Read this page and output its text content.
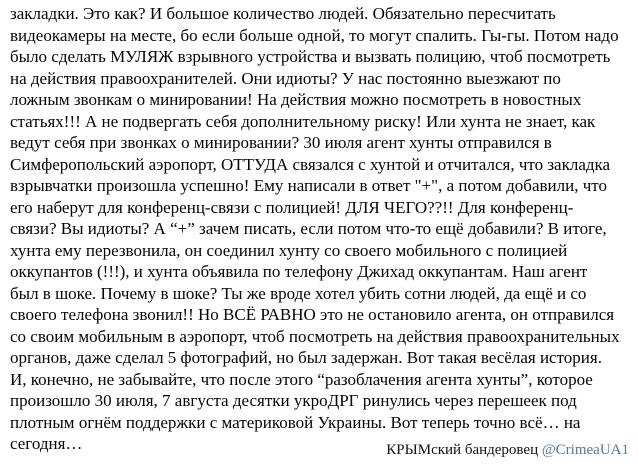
закладки. Это как? И большое количество людей. Обязательно пересчитать
видеокамеры на месте, бо если больше одной, то могут спалить. Гы-гы. Потом надо
было сделать МУЛЯЖ взрывного устройства и вызвать полицию, чтоб посмотреть
на действия правоохранителей. Они идиоты? У нас постоянно выезжают по
ложным звонкам о минировании! На действия можно посмотреть в новостных
статьях!!! А не подвергать себя дополнительному риску! Или хунта не знает, как
ведут себя при звонках о минировании? 30 июля агент хунты отправился в
Симферопольский аэропорт, ОТТУДА связался с хунтой и отчитался, что закладка
взрывчатки произошла успешно! Ему написали в ответ "+", а потом добавили, что
его наберут для конференц-связи с полицией! ДЛЯ ЧЕГО??!! Для конференц-
связи? Вы идиоты? А “+” зачем писать, если потом что-то ещё добавили? В итоге,
хунта ему перезвонила, он соединил хунту со своего мобильного с полицией
оккупантов (!!!), и хунта объявила по телефону Джихад оккупантам. Наш агент
был в шоке. Почему в шоке? Ты же вроде хотел убить сотни людей, да ещё и со
своего телефона звонил!! Но ВСЁ РАВНО это не остановило агента, он отправился
со своим мобильным в аэропорт, чтоб посмотреть на действия правоохранительных
органов, даже сделал 5 фотографий, но был задержан. Вот такая весёлая история.
И, конечно, не забывайте, что после этого “разоблачения агента хунты”, которое
произошло 30 июля, 7 августа десятки укроДРГ ринулись через перешеек под
плотным огнём поддержки с материковой Украины. Вот теперь точно всё… на
сегодня…	КРЫМский бандеровец @CrimeaUA1
